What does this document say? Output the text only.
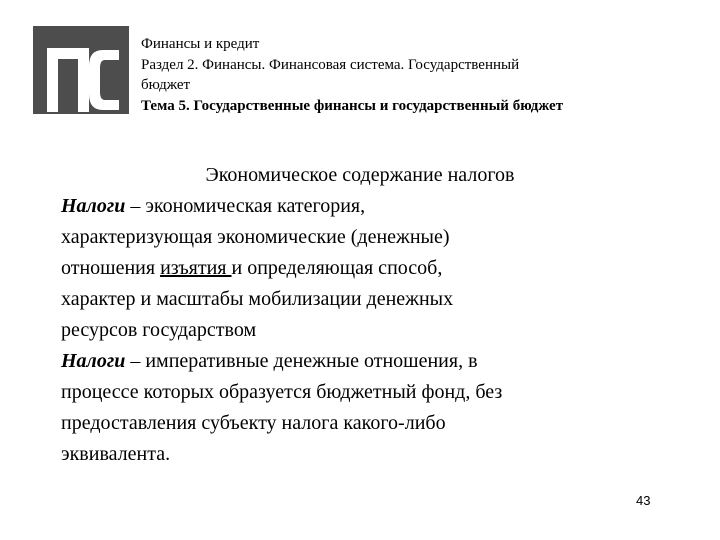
Финансы и кредит
Раздел 2. Финансы. Финансовая система. Государственный
бюджет
Тема 5. Государственные финансы и государственный бюджет
Экономическое содержание налогов
Налоги – экономическая категория,
характеризующая экономические (денежные)
отношения изъятия и определяющая способ,
характер и масштабы мобилизации денежных
ресурсов государством
Налоги – императивные денежные отношения, в
процессе которых образуется бюджетный фонд, без
предоставления субъекту налога какого-либо
эквивалента.
43
